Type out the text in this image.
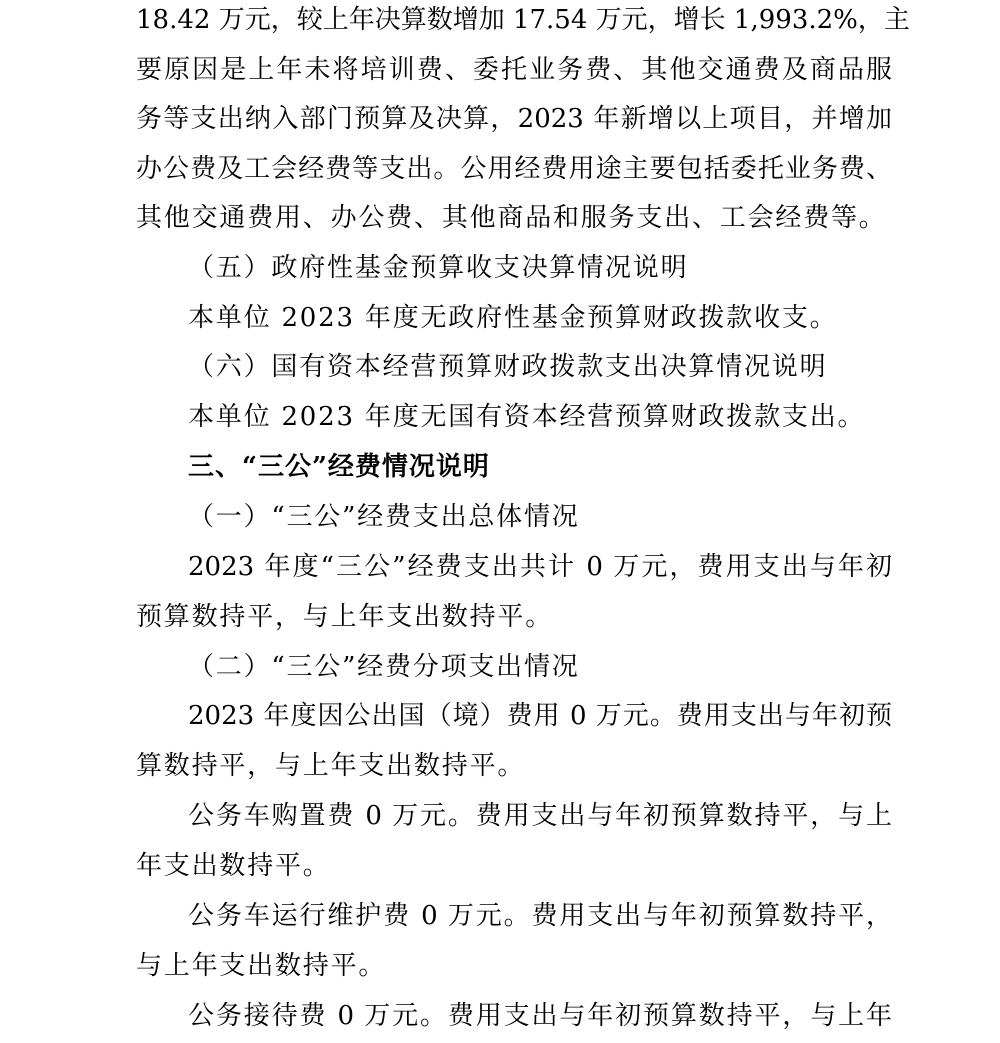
18.42 万元，较上年决算数增加 17.54 万元，增长 1,993.2%，主
要原因是上年未将培训费、委托业务费、其他交通费及商品服
务等支出纳入部门预算及决算，2023 年新增以上项目，并增加
办公费及工会经费等支出。公用经费用途主要包括委托业务费、
其他交通费用、办公费、其他商品和服务支出、工会经费等。
（五）政府性基金预算收支决算情况说明
本单位 2023 年度无政府性基金预算财政拨款收支。
（六）国有资本经营预算财政拨款支出决算情况说明
本单位 2023 年度无国有资本经营预算财政拨款支出。
三、“三公”经费情况说明
（一）“三公”经费支出总体情况
2023 年度“三公”经费支出共计 0 万元，费用支出与年初
预算数持平，与上年支出数持平。
（二）“三公”经费分项支出情况
2023 年度因公出国（境）费用 0 万元。费用支出与年初预
算数持平，与上年支出数持平。
公务车购置费 0 万元。费用支出与年初预算数持平，与上
年支出数持平。
公务车运行维护费 0 万元。费用支出与年初预算数持平，
与上年支出数持平。
公务接待费 0 万元。费用支出与年初预算数持平，与上年
